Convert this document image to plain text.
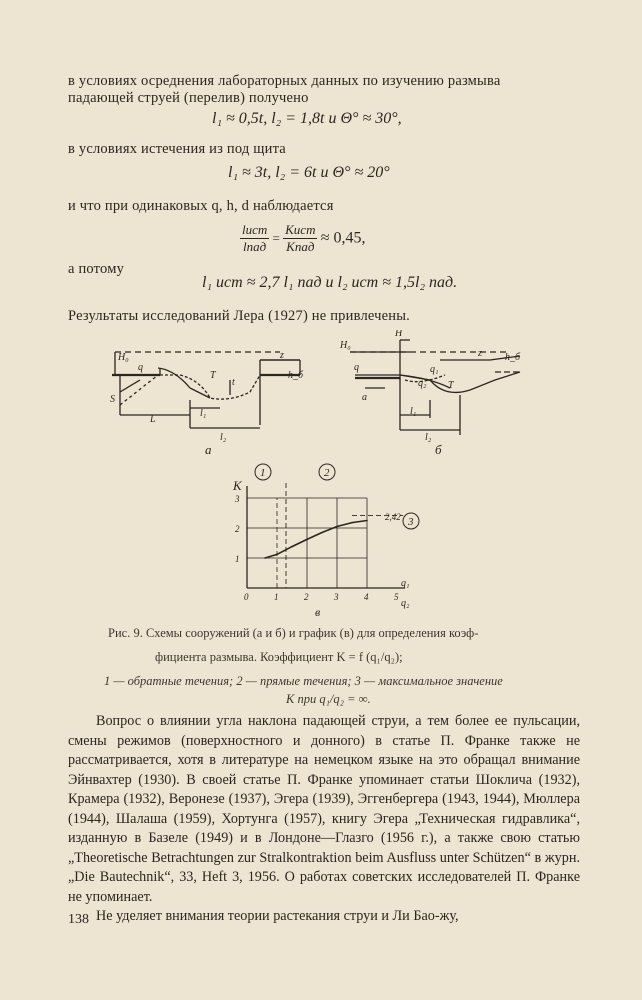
в условиях осреднения лабораторных данных по изучению размыва
падающей струей (перелив) получено
l₁ ≈ 0,5t, l₂ = 1,8t и Θ° ≈ 30°,
в условиях истечения из под щита
l₁ ≈ 3t, l₂ = 6t и Θ° ≈ 20°
и что при одинаковых q, h, d наблюдается
lист
lпад
=
Kист
Kпад ≈ 0,45,
а потому
l₁ ист ≈ 2,7 l₁ пад и l₂ ист ≈ 1,5l₂ пад.
Результаты исследований Лера (1927) не привлечены.
H₀
q
z
T
t
h_б
S
l₁
L
l₂
а
H
H₀
z
q	q₁
q₂ T
h_б
a
l₁
l₂
б
1
2
3
0	1	2	3	4	5
1	2
3
K
2,42
q₁
q₂
в
Рис. 9. Схемы сооружений (а и б) и график (в) для определения коэф-
фициента размыва. Коэффициент K = f (q₁/q₂);
1 — обратные течения; 2 — прямые течения; 3 — максимальное значение
K при q₁/q₂ = ∞.

Вопрос о влиянии угла наклона падающей струи, а тем более ее пульсации, смены режимов (поверхностного и донного) в статье П. Франке также не рассматривается, хотя в литературе на немецком языке на это обращал внимание Эйнвахтер (1930). В своей статье П. Франке упоминает статьи Шоклича (1932), Крамера (1932), Веронезе (1937), Эгера (1939), Эггенбергера (1943, 1944), Мюллера (1944), Шалаша (1959), Хортунга (1957), книгу Эгера „Техническая гидравлика“, изданную в Базеле (1949) и в Лондоне—Глазго (1956 г.), а также свою статью „Theoretische Betrachtungen zur Stralkontraktion beim Ausfluss unter Schützen“ в журн. „Die Bautechnik“, 33, Heft 3, 1956. О работах советских исследователей П. Франке не упоминает.

Не уделяет внимания теории растекания струи и Ли Бао-жу,

138
